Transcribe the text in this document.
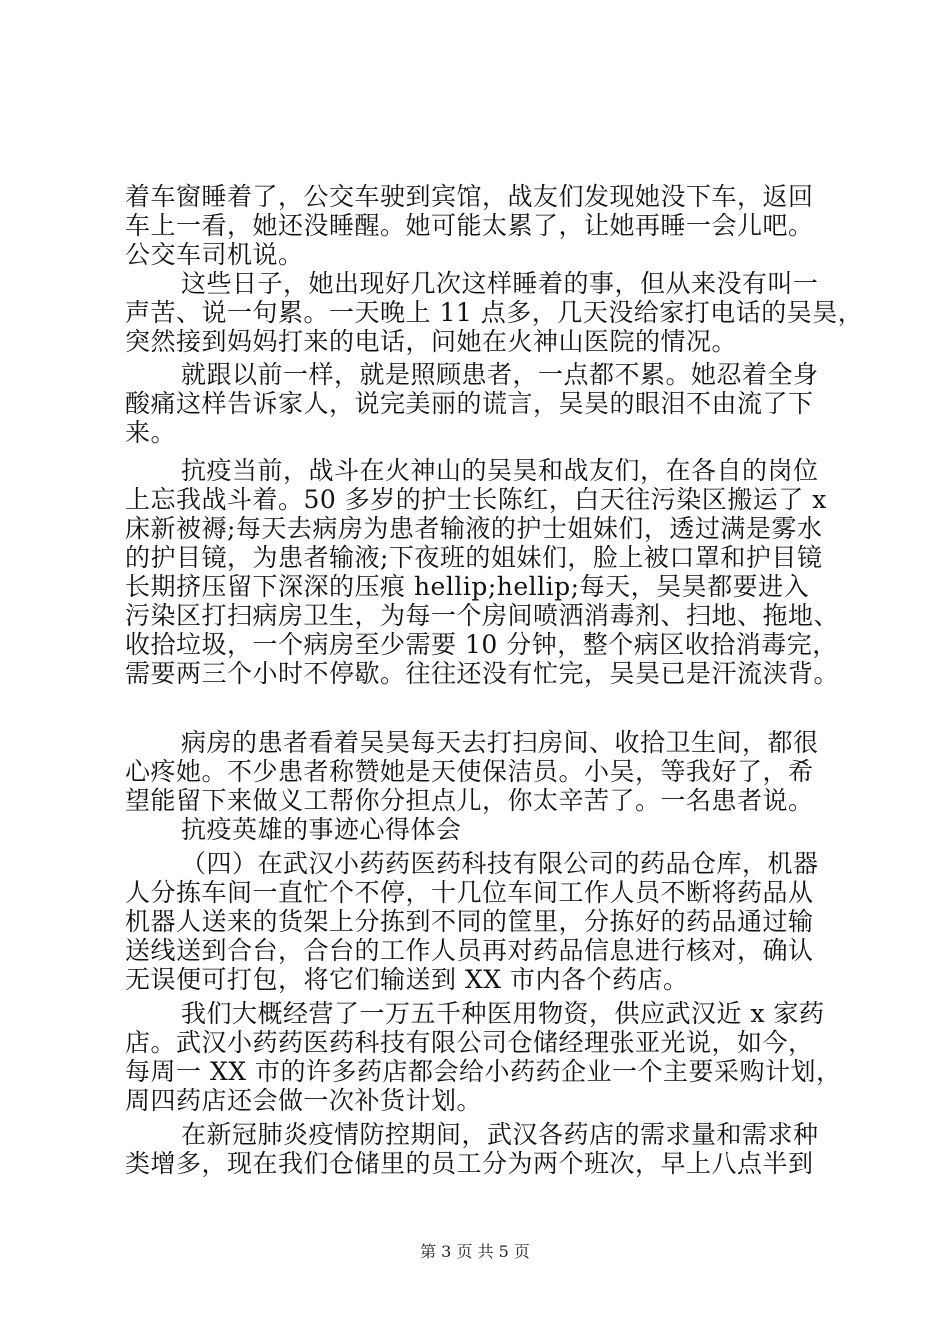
着车窗睡着了，公交车驶到宾馆，战友们发现她没下车，返回
车上一看，她还没睡醒。她可能太累了，让她再睡一会儿吧。
公交车司机说。
这些日子，她出现好几次这样睡着的事，但从来没有叫一
声苦、说一句累。一天晚上 11 点多，几天没给家打电话的吴昊，
突然接到妈妈打来的电话，问她在火神山医院的情况。
就跟以前一样，就是照顾患者，一点都不累。她忍着全身
酸痛这样告诉家人，说完美丽的谎言，吴昊的眼泪不由流了下
来。
抗疫当前，战斗在火神山的吴昊和战友们，在各自的岗位
上忘我战斗着。50 多岁的护士长陈红，白天往污染区搬运了 x
床新被褥;每天去病房为患者输液的护士姐妹们，透过满是雾水
的护目镜，为患者输液;下夜班的姐妹们，脸上被口罩和护目镜
长期挤压留下深深的压痕 hellip;hellip;每天，吴昊都要进入
污染区打扫病房卫生，为每一个房间喷洒消毒剂、扫地、拖地、
收拾垃圾，一个病房至少需要 10 分钟，整个病区收拾消毒完，
需要两三个小时不停歇。往往还没有忙完，吴昊已是汗流浃背。
病房的患者看着吴昊每天去打扫房间、收拾卫生间，都很
心疼她。不少患者称赞她是天使保洁员。小吴，等我好了，希
望能留下来做义工帮你分担点儿，你太辛苦了。一名患者说。
抗疫英雄的事迹心得体会
（四）在武汉小药药医药科技有限公司的药品仓库，机器
人分拣车间一直忙个不停，十几位车间工作人员不断将药品从
机器人送来的货架上分拣到不同的筐里，分拣好的药品通过输
送线送到合台，合台的工作人员再对药品信息进行核对，确认
无误便可打包，将它们输送到 XX 市内各个药店。
我们大概经营了一万五千种医用物资，供应武汉近 x 家药
店。武汉小药药医药科技有限公司仓储经理张亚光说，如今，
每周一 XX 市的许多药店都会给小药药企业一个主要采购计划，
周四药店还会做一次补货计划。
在新冠肺炎疫情防控期间，武汉各药店的需求量和需求种
类增多，现在我们仓储里的员工分为两个班次，早上八点半到
第 3 页 共 5 页
